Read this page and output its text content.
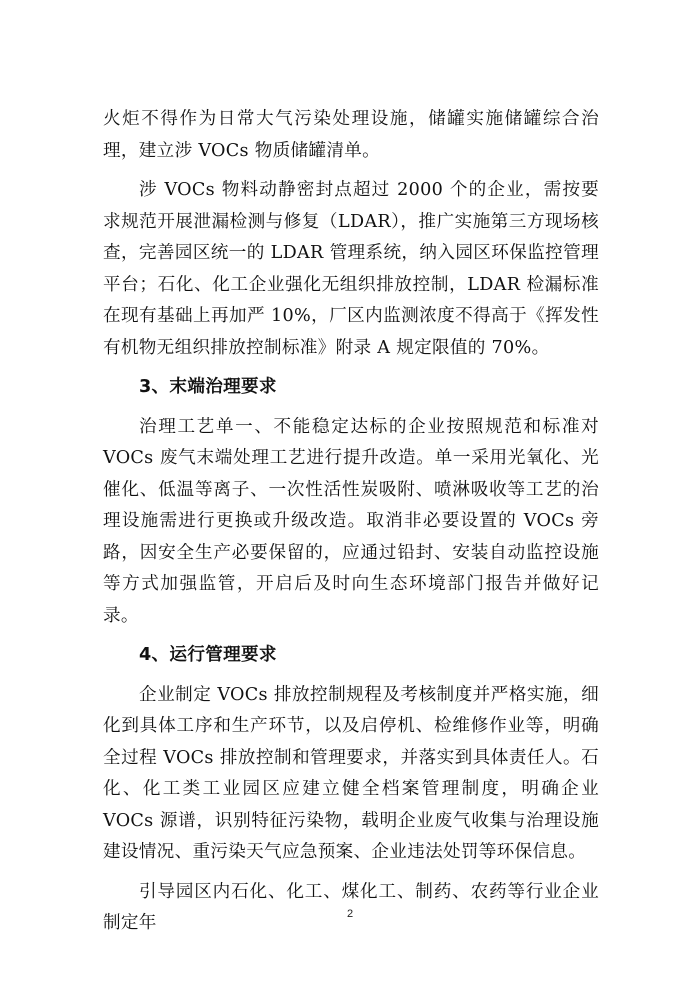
火炬不得作为日常大气污染处理设施，储罐实施储罐综合治理，建立涉 VOCs 物质储罐清单。

涉 VOCs 物料动静密封点超过 2000 个的企业，需按要求规范开展泄漏检测与修复（LDAR），推广实施第三方现场核查，完善园区统一的 LDAR 管理系统，纳入园区环保监控管理平台；石化、化工企业强化无组织排放控制，LDAR 检漏标准在现有基础上再加严 10%，厂区内监测浓度不得高于《挥发性有机物无组织排放控制标准》附录 A 规定限值的 70%。

3、末端治理要求

治理工艺单一、不能稳定达标的企业按照规范和标准对 VOCs 废气末端处理工艺进行提升改造。单一采用光氧化、光催化、低温等离子、一次性活性炭吸附、喷淋吸收等工艺的治理设施需进行更换或升级改造。取消非必要设置的 VOCs 旁路，因安全生产必要保留的，应通过铅封、安装自动监控设施等方式加强监管，开启后及时向生态环境部门报告并做好记录。

4、运行管理要求

企业制定 VOCs 排放控制规程及考核制度并严格实施，细化到具体工序和生产环节，以及启停机、检维修作业等，明确全过程 VOCs 排放控制和管理要求，并落实到具体责任人。石化、化工类工业园区应建立健全档案管理制度，明确企业 VOCs 源谱，识别特征污染物，载明企业废气收集与治理设施建设情况、重污染天气应急预案、企业违法处罚等环保信息。

引导园区内石化、化工、煤化工、制药、农药等行业企业制定年	2
